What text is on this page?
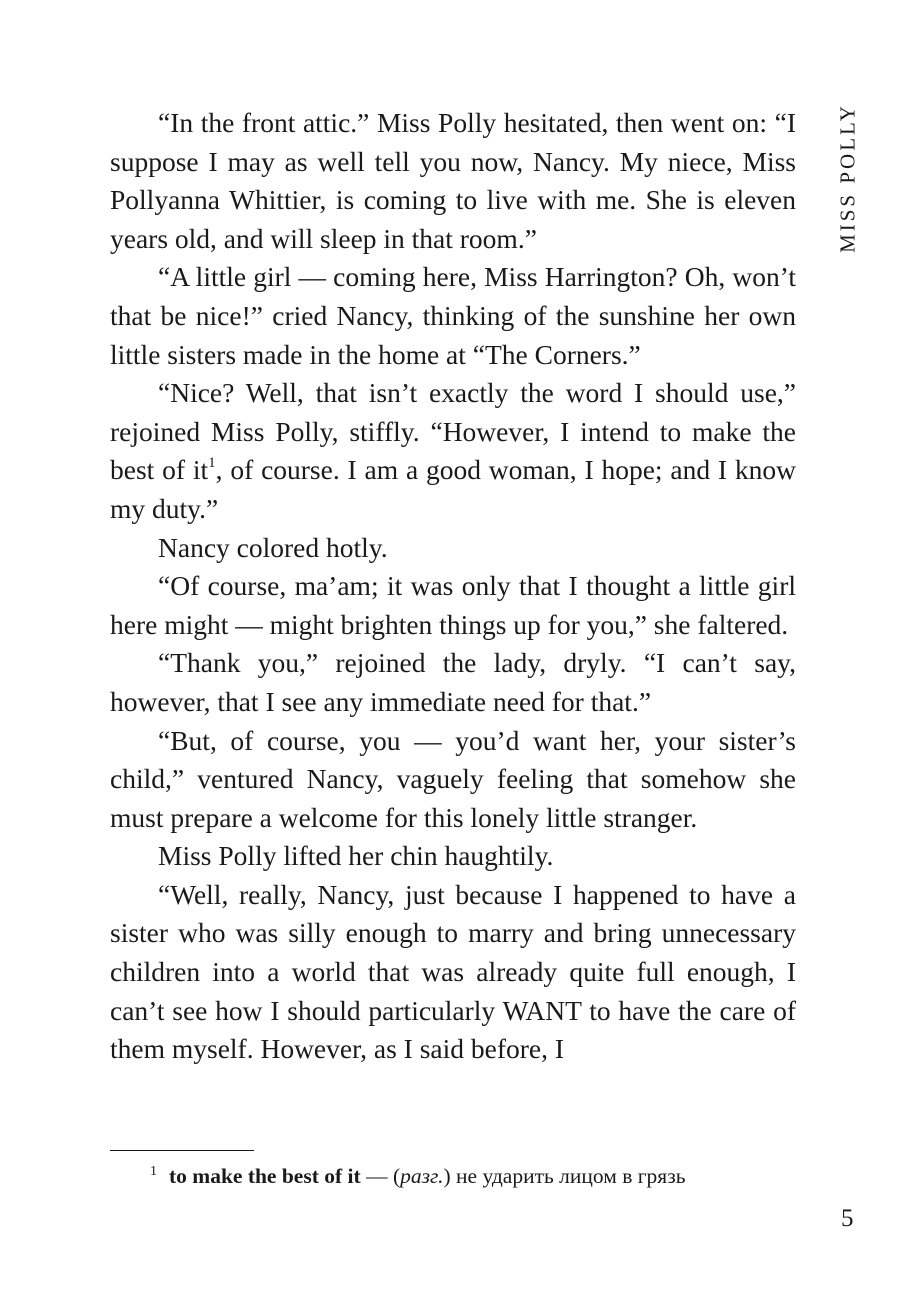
MISS POLLY

“In the front attic.” Miss Polly hesitated, then went on: “I suppose I may as well tell you now, Nancy. My niece, Miss Pollyanna Whittier, is coming to live with me. She is eleven years old, and will sleep in that room.”

“A little girl — coming here, Miss Harrington? Oh, won’t that be nice!” cried Nancy, thinking of the sunshine her own little sisters made in the home at “The Corners.”

“Nice? Well, that isn’t exactly the word I should use,” rejoined Miss Polly, stiffly. “However, I intend to make the best of it$^1$, of course. I am a good woman, I hope; and I know my duty.”

Nancy colored hotly.

“Of course, ma’am; it was only that I thought a little girl here might — might brighten things up for you,” she faltered.

“Thank you,” rejoined the lady, dryly. “I can’t say, however, that I see any immediate need for that.”

“But, of course, you — you’d want her, your sister’s child,” ventured Nancy, vaguely feeling that somehow she must prepare a welcome for this lonely little stranger.

Miss Polly lifted her chin haughtily.

“Well, really, Nancy, just because I happened to have a sister who was silly enough to marry and bring unnecessary children into a world that was already quite full enough, I can’t see how I should particularly WANT to have the care of them myself. However, as I said before, I

$^1$ to make the best of it — (разг.) не ударить лицом в грязь
5
